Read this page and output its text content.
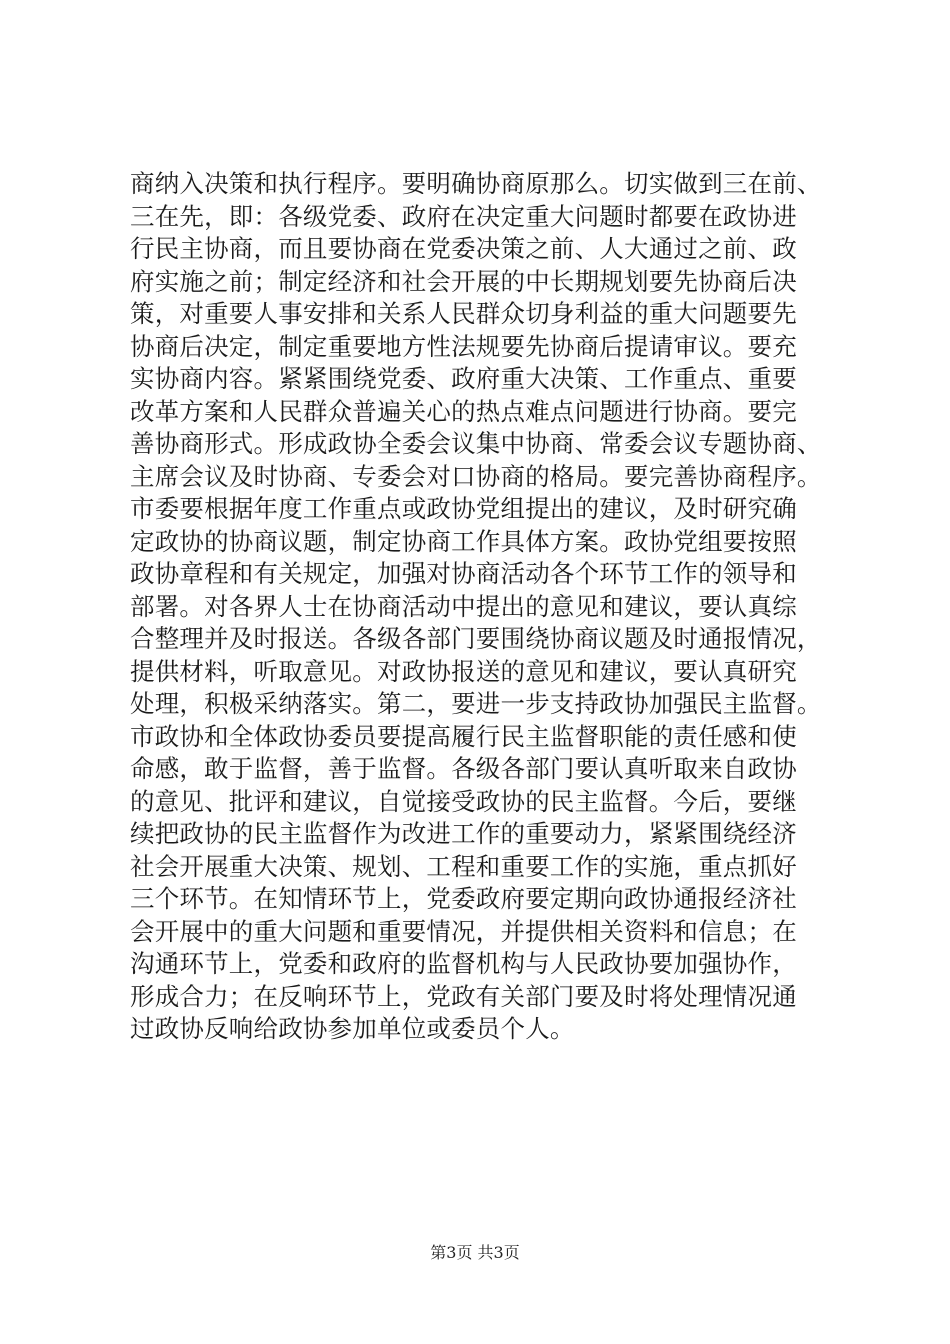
商纳入决策和执行程序。要明确协商原那么。切实做到三在前、
三在先，即：各级党委、政府在决定重大问题时都要在政协进
行民主协商，而且要协商在党委决策之前、人大通过之前、政
府实施之前；制定经济和社会开展的中长期规划要先协商后决
策，对重要人事安排和关系人民群众切身利益的重大问题要先
协商后决定，制定重要地方性法规要先协商后提请审议。要充
实协商内容。紧紧围绕党委、政府重大决策、工作重点、重要
改革方案和人民群众普遍关心的热点难点问题进行协商。要完
善协商形式。形成政协全委会议集中协商、常委会议专题协商、
主席会议及时协商、专委会对口协商的格局。要完善协商程序。
市委要根据年度工作重点或政协党组提出的建议，及时研究确
定政协的协商议题，制定协商工作具体方案。政协党组要按照
政协章程和有关规定，加强对协商活动各个环节工作的领导和
部署。对各界人士在协商活动中提出的意见和建议，要认真综
合整理并及时报送。各级各部门要围绕协商议题及时通报情况，
提供材料，听取意见。对政协报送的意见和建议，要认真研究
处理，积极采纳落实。第二，要进一步支持政协加强民主监督。
市政协和全体政协委员要提高履行民主监督职能的责任感和使
命感，敢于监督，善于监督。各级各部门要认真听取来自政协
的意见、批评和建议，自觉接受政协的民主监督。今后，要继
续把政协的民主监督作为改进工作的重要动力，紧紧围绕经济
社会开展重大决策、规划、工程和重要工作的实施，重点抓好
三个环节。在知情环节上，党委政府要定期向政协通报经济社
会开展中的重大问题和重要情况，并提供相关资料和信息；在
沟通环节上，党委和政府的监督机构与人民政协要加强协作，
形成合力；在反响环节上，党政有关部门要及时将处理情况通
过政协反响给政协参加单位或委员个人。
第3页 共3页
